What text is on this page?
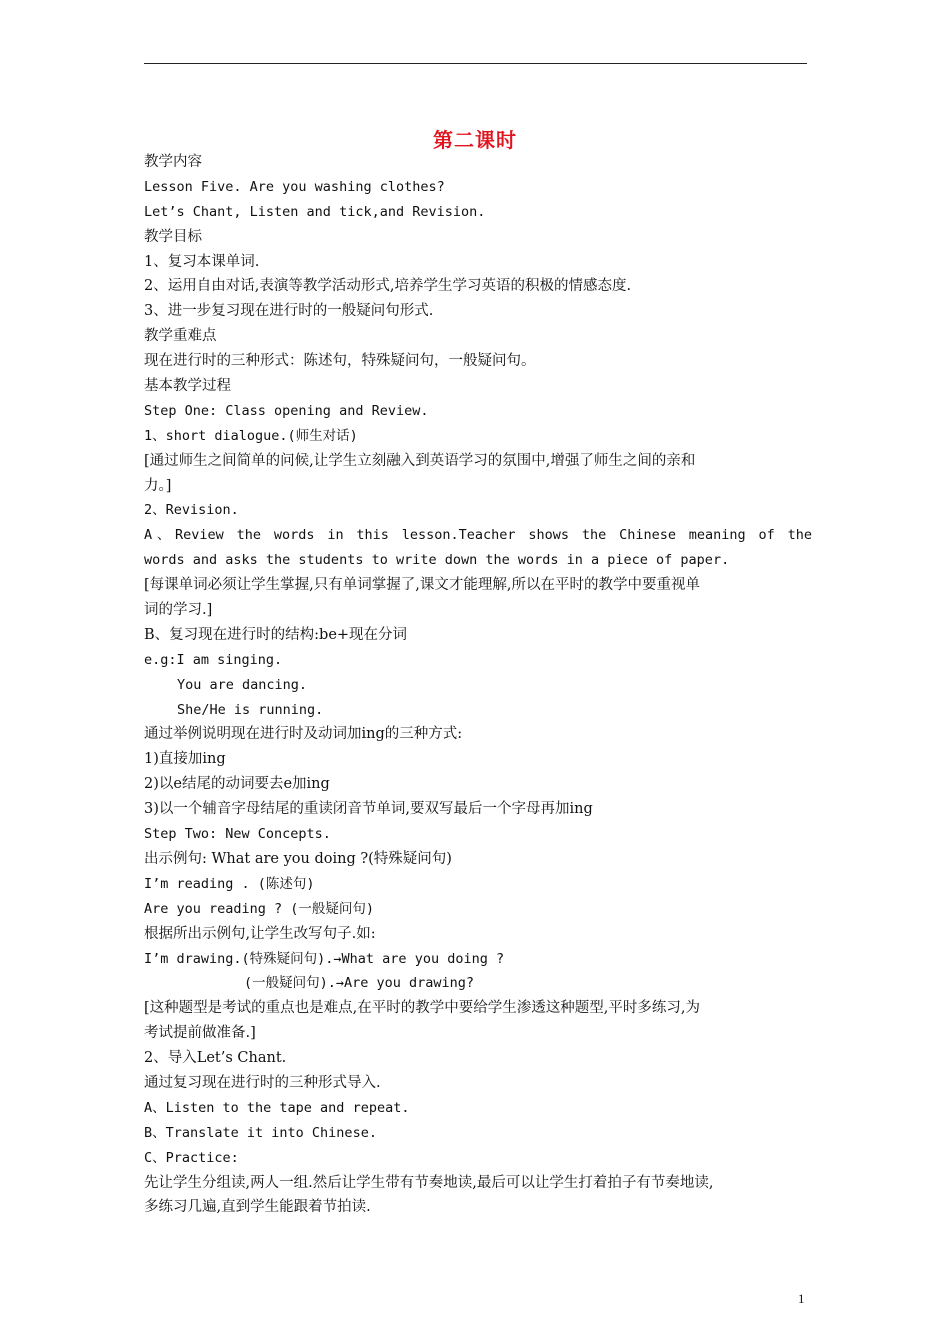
第二课时
教学内容
Lesson Five. Are you washing clothes?
Let’s Chant, Listen and tick,and Revision.
教学目标
1、复习本课单词.
2、运用自由对话,表演等教学活动形式,培养学生学习英语的积极的情感态度.
3、进一步复习现在进行时的一般疑问句形式.
教学重难点
现在进行时的三种形式：陈述句，特殊疑问句，一般疑问句。
基本教学过程
Step One: Class opening and Review.
1、short dialogue.(师生对话)
[通过师生之间简单的问候,让学生立刻融入到英语学习的氛围中,增强了师生之间的亲和
力。]
2、Revision.
A、Review the words in this lesson.Teacher shows the Chinese meaning of the
words and asks the students to write down the words in a piece of paper.
[每课单词必须让学生掌握,只有单词掌握了,课文才能理解,所以在平时的教学中要重视单
词的学习.]
B、复习现在进行时的结构:be+现在分词
e.g:I am singing.
You are dancing.
She/He is running.
通过举例说明现在进行时及动词加ing的三种方式:
1)直接加ing
2)以e结尾的动词要去e加ing
3)以一个辅音字母结尾的重读闭音节单词,要双写最后一个字母再加ing
Step Two: New Concepts.
出示例句: What are you doing ?(特殊疑问句)
I’m reading . (陈述句)
Are you reading ? (一般疑问句)
根据所出示例句,让学生改写句子.如:
I’m drawing.(特殊疑问句).→What are you doing ?
(一般疑问句).→Are you drawing?
[这种题型是考试的重点也是难点,在平时的教学中要给学生渗透这种题型,平时多练习,为
考试提前做准备.]
2、导入Let’s Chant.
通过复习现在进行时的三种形式导入.
A、Listen to the tape and repeat.
B、Translate it into Chinese.
C、Practice:
先让学生分组读,两人一组.然后让学生带有节奏地读,最后可以让学生打着拍子有节奏地读,
多练习几遍,直到学生能跟着节拍读.
1
